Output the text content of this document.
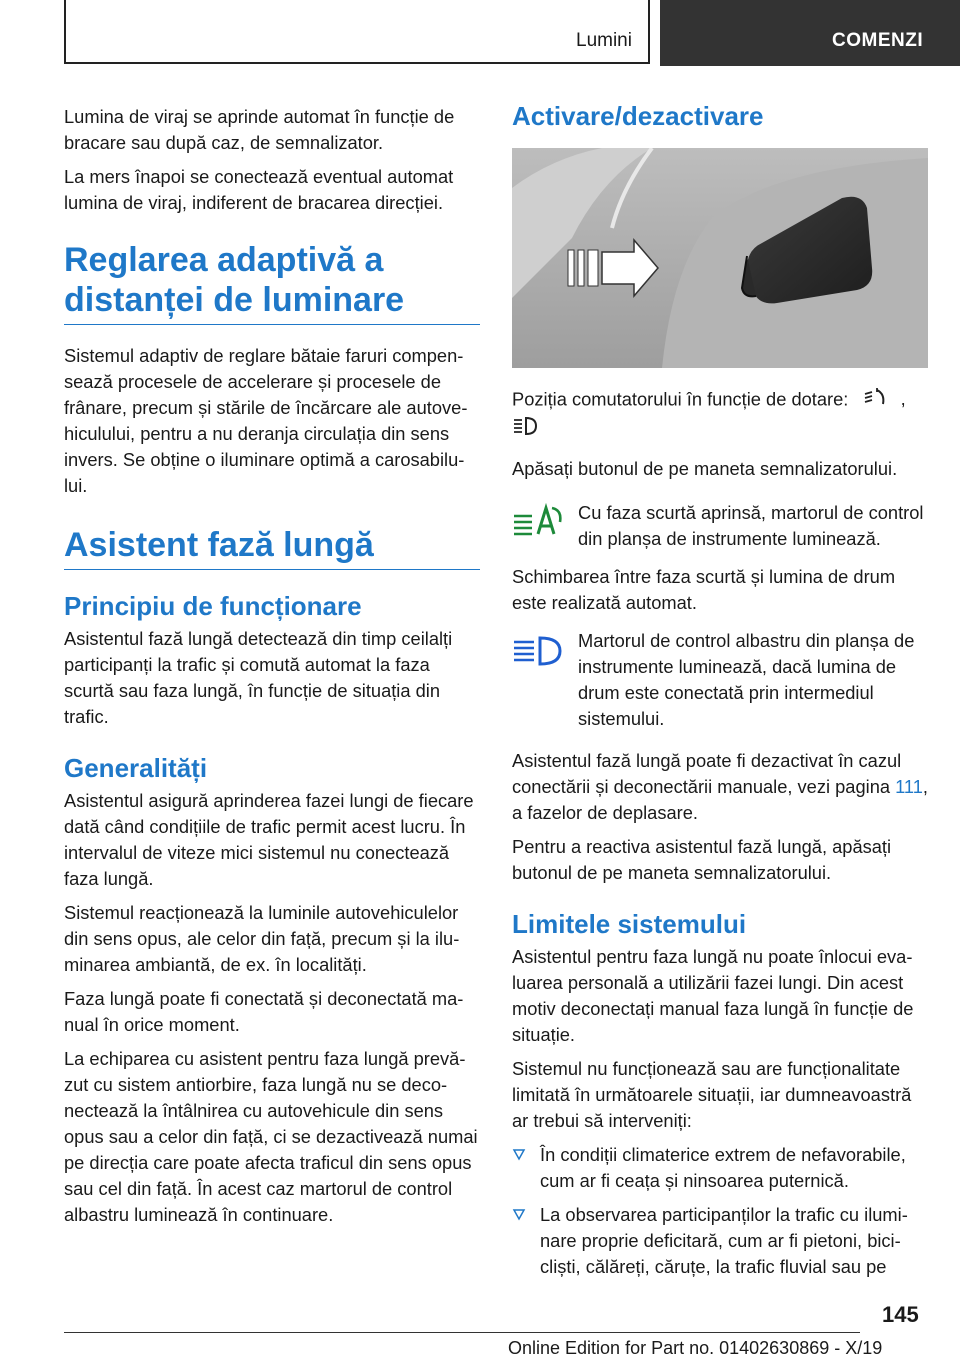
Lumini	COMENZI

Lumina de viraj se aprinde automat în funcție de bracare sau după caz, de semnalizator.

La mers înapoi se conectează eventual automat lumina de viraj, indiferent de bracarea direcției.

Reglarea adaptivă a distanței de luminare

Sistemul adaptiv de reglare bătaie faruri compensează procesele de accelerare și procesele de frânare, precum și stările de încărcare ale autovehiculului, pentru a nu deranja circulația din sens invers. Se obține o iluminare optimă a carosabilului.

Asistent fază lungă
Principiu de funcționare

Asistentul fază lungă detectează din timp ceilalți participanți la trafic și comută automat la faza scurtă sau faza lungă, în funcție de situația din trafic.

Generalități

Asistentul asigură aprinderea fazei lungi de fiecare dată când condițiile de trafic permit acest lucru. În intervalul de viteze mici sistemul nu conectează faza lungă.

Sistemul reacționează la luminile autovehiculelor din sens opus, ale celor din față, precum și la iluminarea ambiantă, de ex. în localități.

Faza lungă poate fi conectată și deconectată manual în orice moment.

La echiparea cu asistent pentru faza lungă prevăzut cu sistem antiorbire, faza lungă nu se deconectează la întâlnirea cu autovehicule din sens opus sau a celor din față, ci se dezactivează numai pe direcția care poate afecta traficul din sens opus sau cel din față. În acest caz martorul de control albastru luminează în continuare.

Activare/dezactivare

Poziția comutatorului în funcție de dotare:	,

Apăsați butonul de pe maneta semnalizatorului.

Cu faza scurtă aprinsă, martorul de control din planșa de instrumente luminează.

Schimbarea între faza scurtă și lumina de drum este realizată automat.

Martorul de control albastru din planșa de instrumente luminează, dacă lumina de drum este conectată prin intermediul sistemului.

Asistentul fază lungă poate fi dezactivat în cazul conectării și deconectării manuale, vezi pagina 111, a fazelor de deplasare.

Pentru a reactiva asistentul fază lungă, apăsați butonul de pe maneta semnalizatorului.

Limitele sistemului

Asistentul pentru faza lungă nu poate înlocui evaluarea personală a utilizării fazei lungi. Din acest motiv deconectați manual faza lungă în funcție de situație.

Sistemul nu funcționează sau are funcționalitate limitată în următoarele situații, iar dumneavoastră ar trebui să interveniți:

În condiții climaterice extrem de nefavorabile, cum ar fi ceața și ninsoarea puternică.

La observarea participanților la trafic cu iluminare proprie deficitară, cum ar fi pietoni, bicicliști, călăreți, căruțe, la trafic fluvial sau pe

145
Online Edition for Part no. 01402630869 - X/19
